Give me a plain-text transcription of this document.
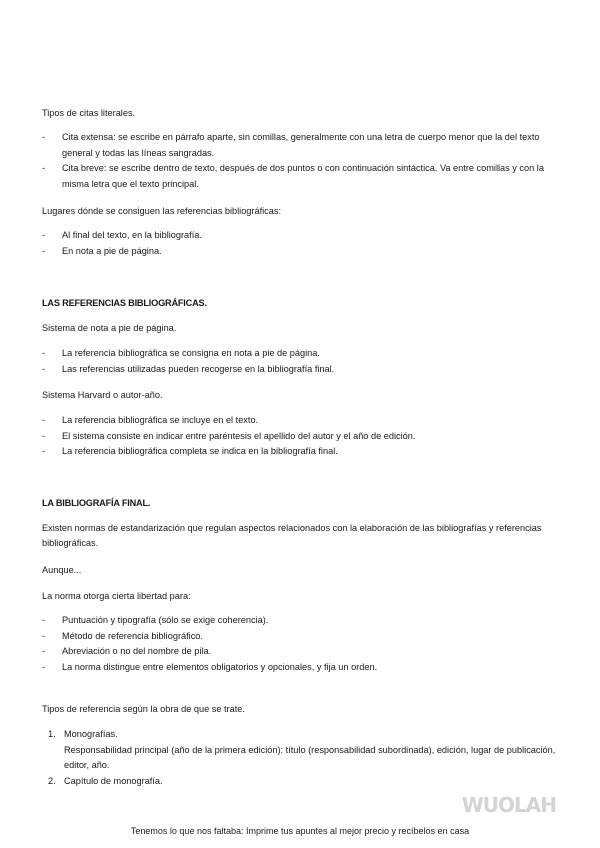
Tipos de citas literales.

- Cita extensa: se escribe en párrafo aparte, sin comillas, generalmente con una letra de cuerpo menor que la del texto general y todas las líneas sangradas.
- Cita breve: se escribe dentro de texto, después de dos puntos o con continuación sintáctica. Va entre comillas y con la misma letra que el texto principal.

Lugares dónde se consiguen las referencias bibliográficas:

- Al final del texto, en la bibliografía.
- En nota a pie de página.

LAS REFERENCIAS BIBLIOGRÁFICAS.

Sistema de nota a pie de página.

- La referencia bibliográfica se consigna en nota a pie de página.
- Las referencias utilizadas pueden recogerse en la bibliografía final.

Sistema Harvard o autor-año.

- La referencia bibliográfica se incluye en el texto.
- El sistema consiste en indicar entre paréntesis el apellido del autor y el año de edición.
- La referencia bibliográfica completa se indica en la bibliografía final.

LA BIBLIOGRAFÍA FINAL.

Existen normas de estandarización que regulan aspectos relacionados con la elaboración de las bibliografías y referencias bibliográficas.

Aunque...

La norma otorga cierta libertad para:

- Puntuación y tipografía (sólo se exige coherencia).
- Método de referencia bibliográfico.
- Abreviación o no del nombre de pila.
- La norma distingue entre elementos obligatorios y opcionales, y fija un orden.

Tipos de referencia según la obra de que se trate.

1. Monografías.
Responsabilidad principal (año de la primera edición): título (responsabilidad subordinada), edición, lugar de publicación, editor, año.
2. Capítulo de monografía.
WUOLAH
Tenemos lo que nos faltaba: Imprime tus apuntes al mejor precio y recíbelos en casa
